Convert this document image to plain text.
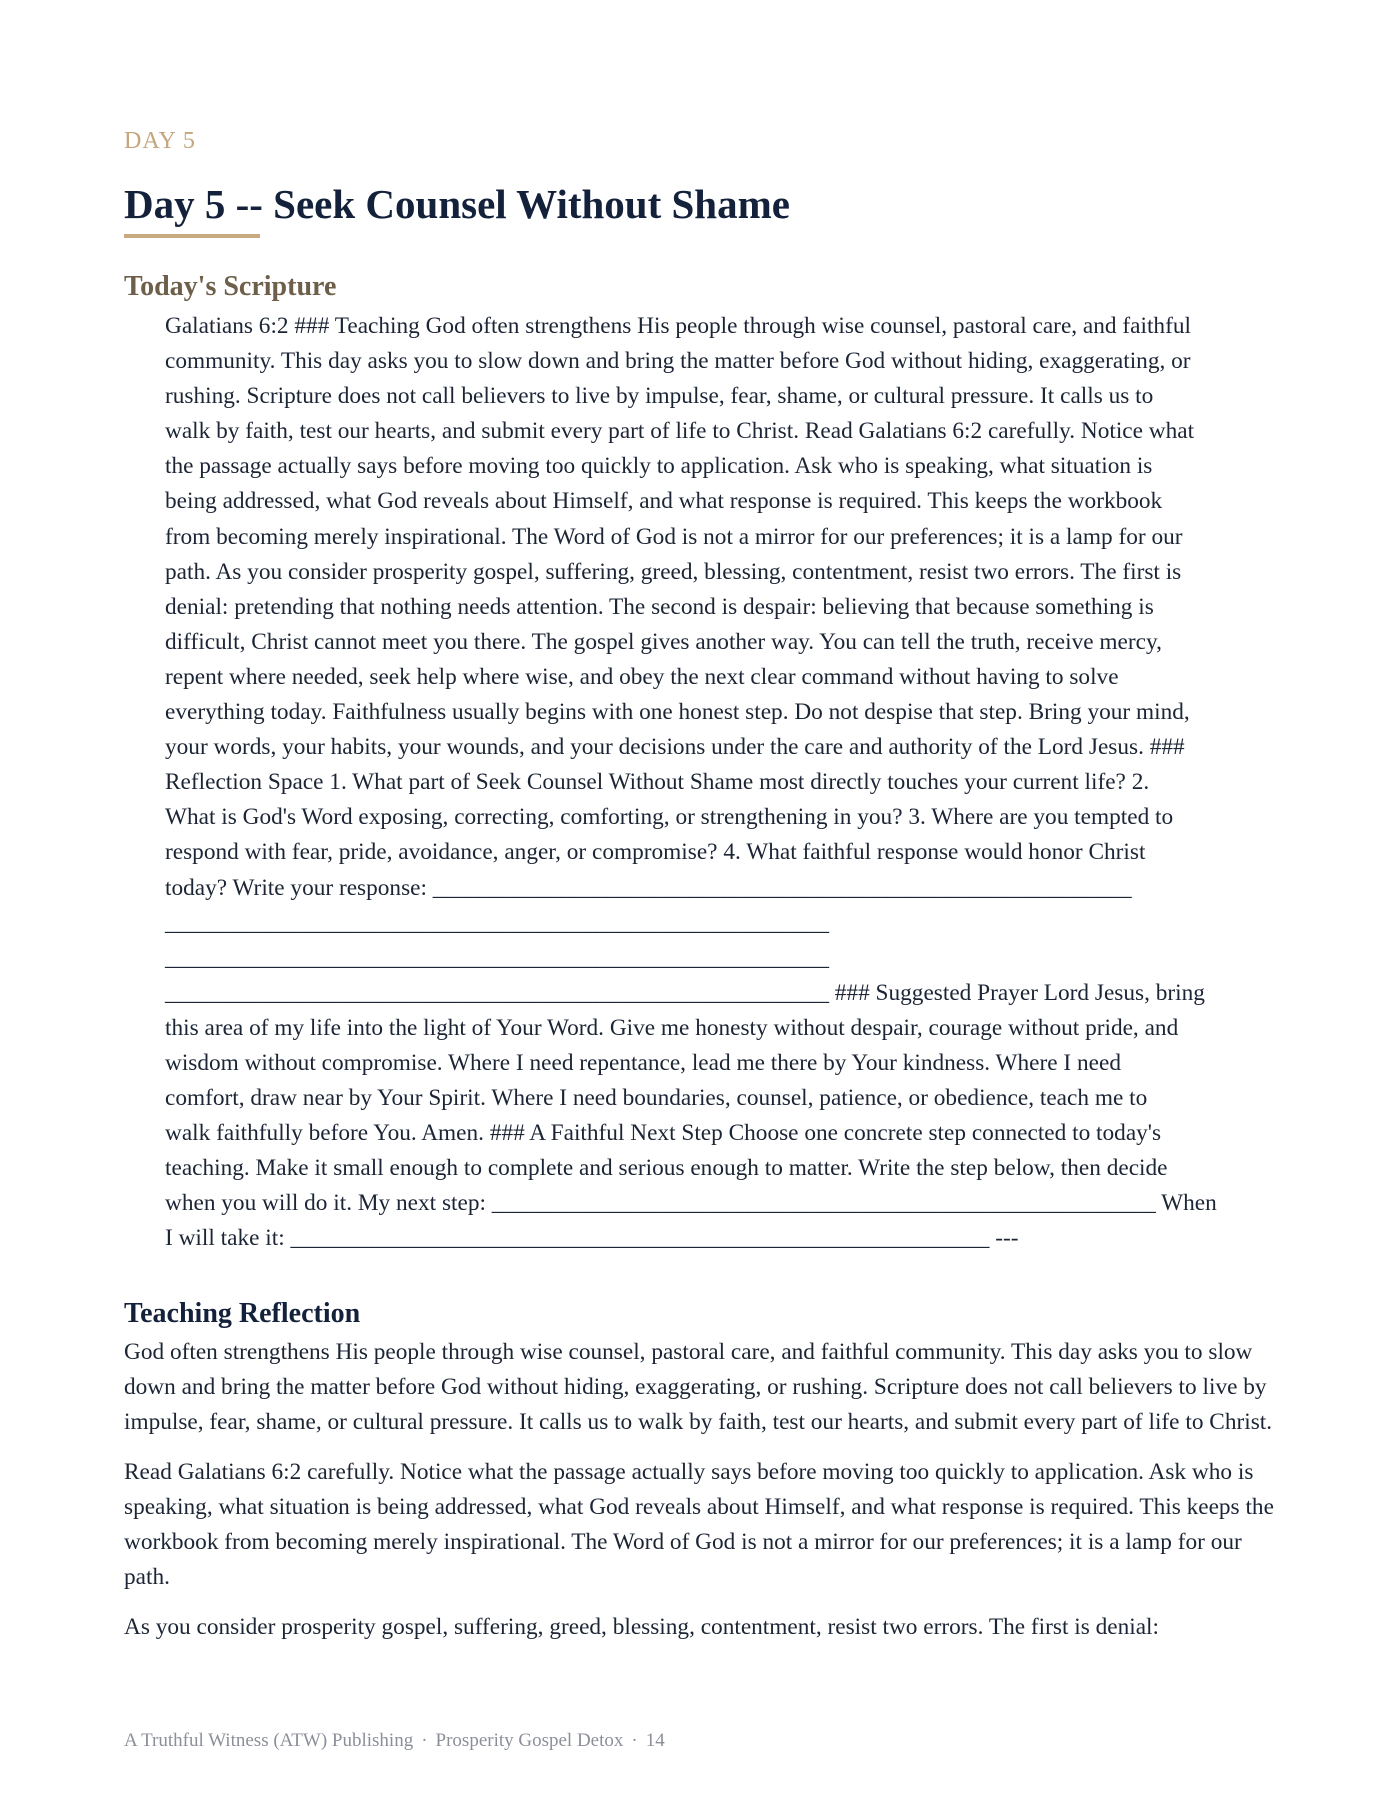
DAY 5
Day 5 -- Seek Counsel Without Shame
Today's Scripture

Galatians 6:2 ### Teaching God often strengthens His people through wise counsel, pastoral care, and faithful

community. This day asks you to slow down and bring the matter before God without hiding, exaggerating, or

rushing. Scripture does not call believers to live by impulse, fear, shame, or cultural pressure. It calls us to

walk by faith, test our hearts, and submit every part of life to Christ. Read Galatians 6:2 carefully. Notice what

the passage actually says before moving too quickly to application. Ask who is speaking, what situation is

being addressed, what God reveals about Himself, and what response is required. This keeps the workbook

from becoming merely inspirational. The Word of God is not a mirror for our preferences; it is a lamp for our

path. As you consider prosperity gospel, suffering, greed, blessing, contentment, resist two errors. The first is

denial: pretending that nothing needs attention. The second is despair: believing that because something is

difficult, Christ cannot meet you there. The gospel gives another way. You can tell the truth, receive mercy,

repent where needed, seek help where wise, and obey the next clear command without having to solve

everything today. Faithfulness usually begins with one honest step. Do not despise that step. Bring your mind,

your words, your habits, your wounds, and your decisions under the care and authority of the Lord Jesus. ###

Reflection Space 1. What part of Seek Counsel Without Shame most directly touches your current life? 2.

What is God's Word exposing, correcting, comforting, or strengthening in you? 3. Where are you tempted to

respond with fear, pride, avoidance, anger, or compromise? 4. What faithful response would honor Christ

today? Write your response: ____________________________________________________________

_________________________________________________________

_________________________________________________________

_________________________________________________________ ### Suggested Prayer Lord Jesus, bring

this area of my life into the light of Your Word. Give me honesty without despair, courage without pride, and

wisdom without compromise. Where I need repentance, lead me there by Your kindness. Where I need

comfort, draw near by Your Spirit. Where I need boundaries, counsel, patience, or obedience, teach me to

walk faithfully before You. Amen. ### A Faithful Next Step Choose one concrete step connected to today's

teaching. Make it small enough to complete and serious enough to matter. Write the step below, then decide

when you will do it. My next step: _________________________________________________________ When

I will take it: ____________________________________________________________ ---

Teaching Reflection

God often strengthens His people through wise counsel, pastoral care, and faithful community. This day asks you to slow down and bring the matter before God without hiding, exaggerating, or rushing. Scripture does not call believers to live by impulse, fear, shame, or cultural pressure. It calls us to walk by faith, test our hearts, and submit every part of life to Christ.

Read Galatians 6:2 carefully. Notice what the passage actually says before moving too quickly to application. Ask who is speaking, what situation is being addressed, what God reveals about Himself, and what response is required. This keeps the workbook from becoming merely inspirational. The Word of God is not a mirror for our preferences; it is a lamp for our path.

As you consider prosperity gospel, suffering, greed, blessing, contentment, resist two errors. The first is denial:

A Truthful Witness (ATW) Publishing · Prosperity Gospel Detox · 14
